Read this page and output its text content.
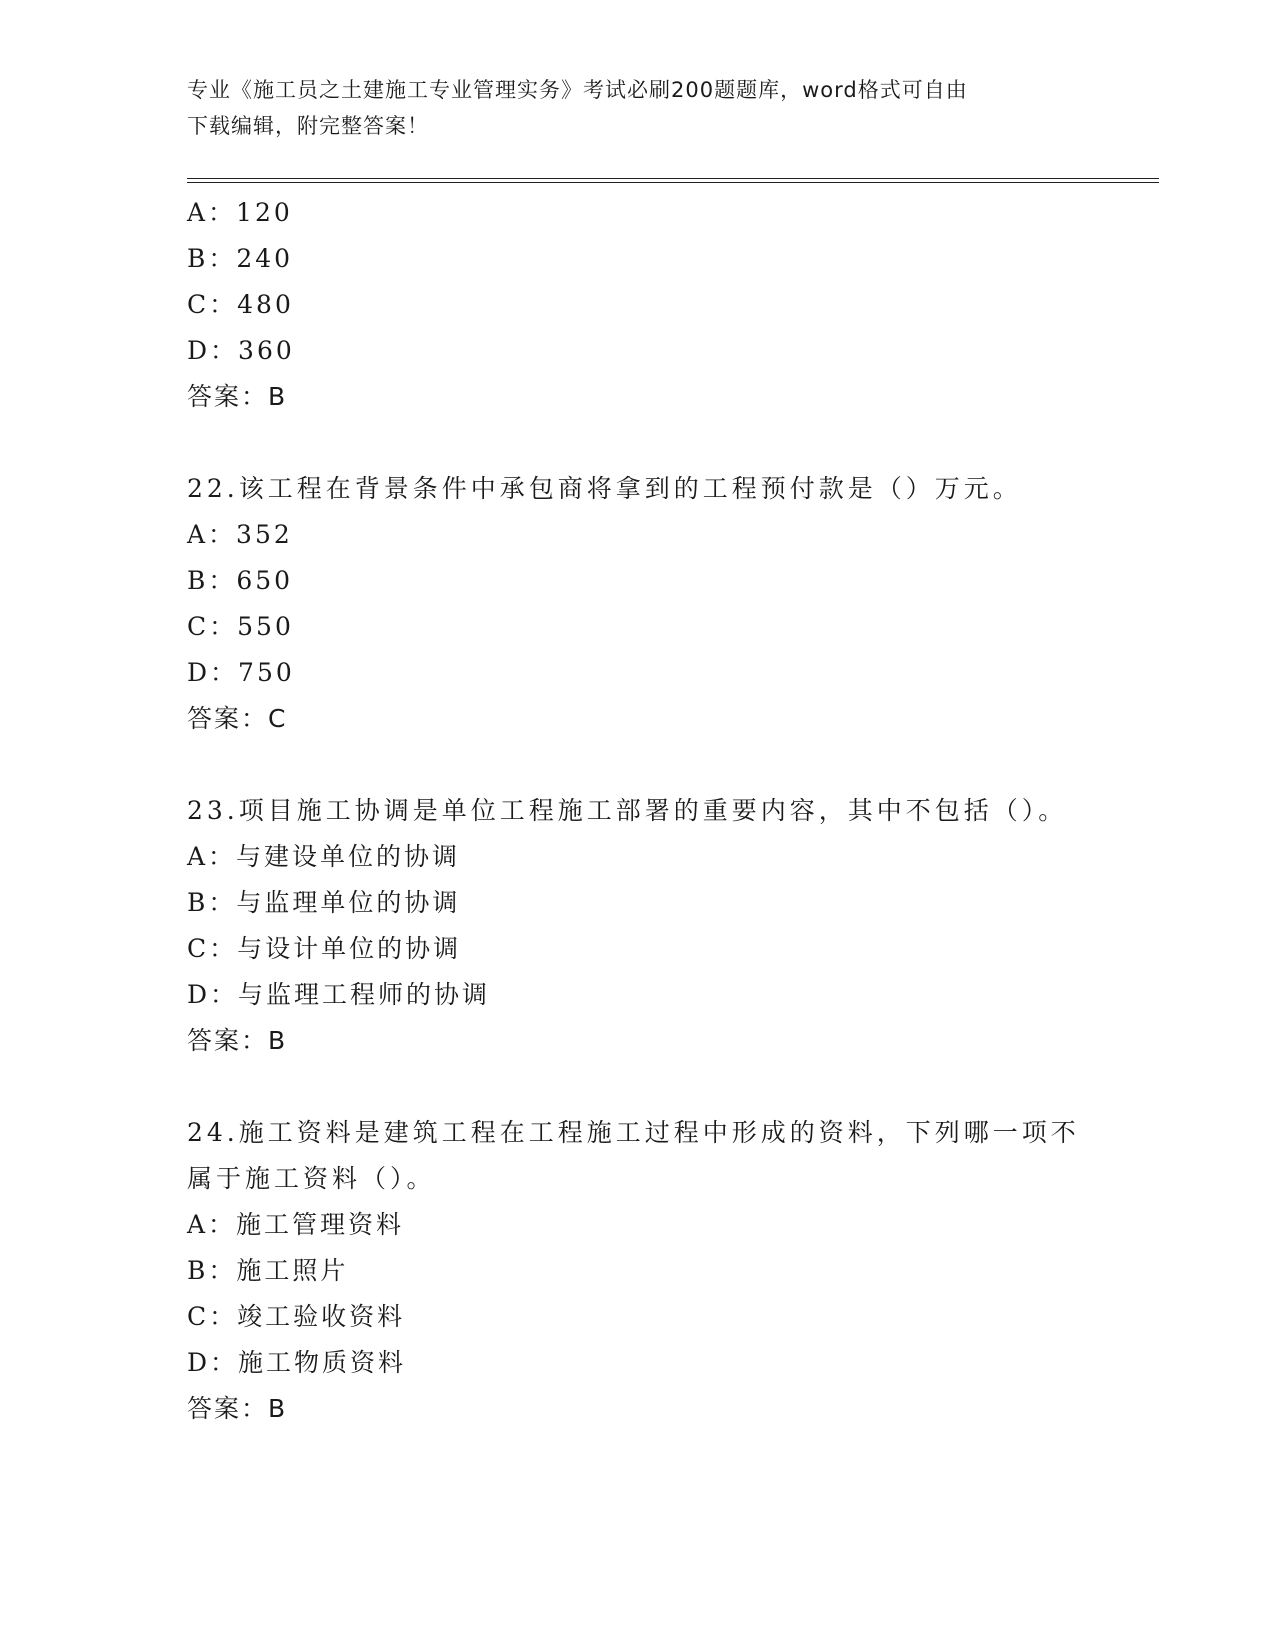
专业《施工员之土建施工专业管理实务》考试必刷200题题库，word格式可自由
下载编辑，附完整答案！
A：120
B：240
C：480
D：360
答案：B
22.该工程在背景条件中承包商将拿到的工程预付款是（）万元。
A：352
B：650
C：550
D：750
答案：C
23.项目施工协调是单位工程施工部署的重要内容，其中不包括（）。
A：与建设单位的协调
B：与监理单位的协调
C：与设计单位的协调
D：与监理工程师的协调
答案：B
24.施工资料是建筑工程在工程施工过程中形成的资料，下列哪一项不
属于施工资料（）。
A：施工管理资料
B：施工照片
C：竣工验收资料
D：施工物质资料
答案：B
